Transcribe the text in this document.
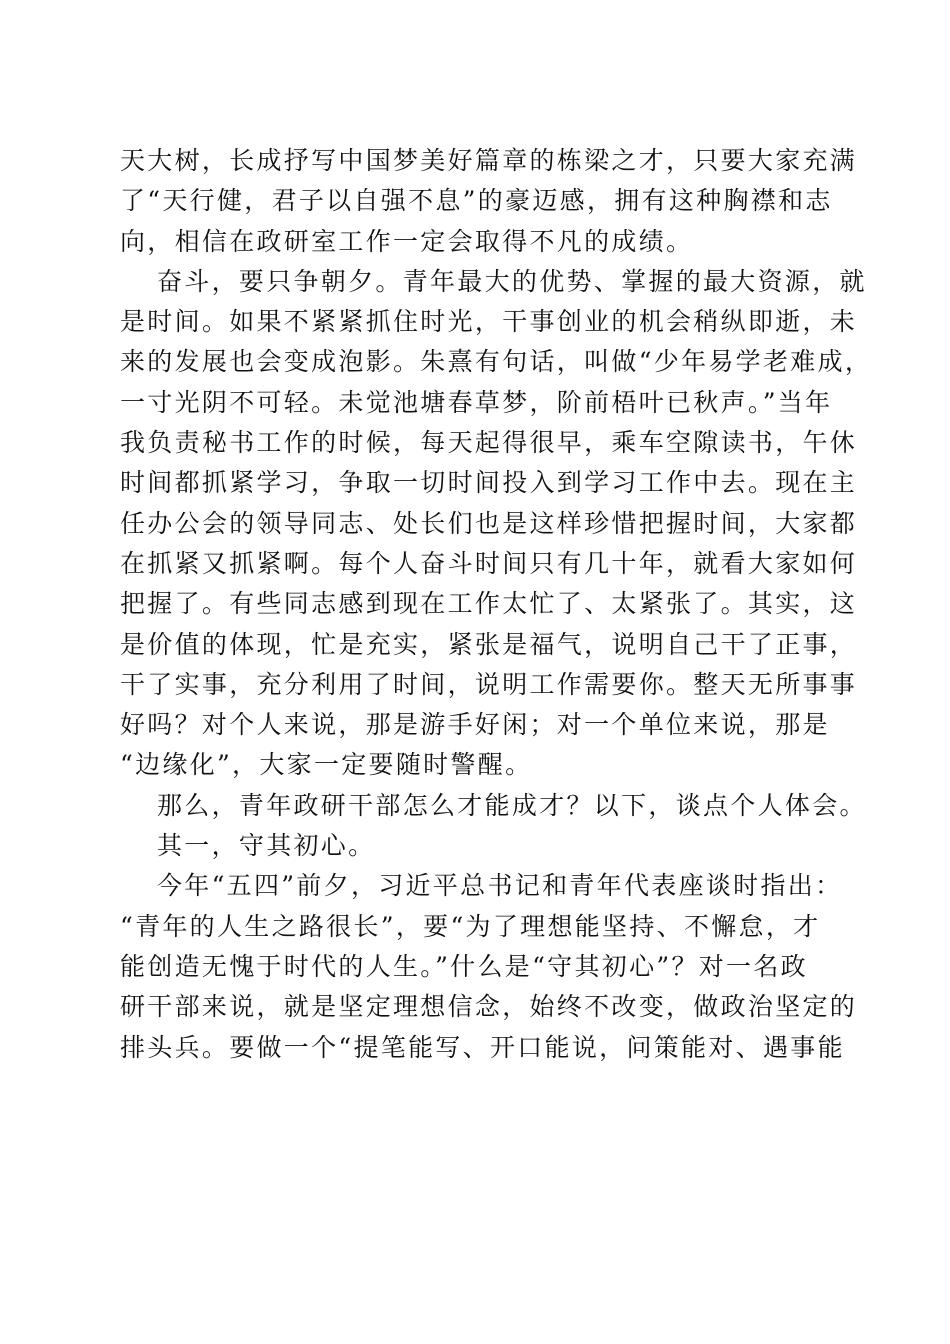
天大树，长成抒写中国梦美好篇章的栋梁之才，只要大家充满
了“天行健，君子以自强不息”的豪迈感，拥有这种胸襟和志
向，相信在政研室工作一定会取得不凡的成绩。
奋斗，要只争朝夕。青年最大的优势、掌握的最大资源，就
是时间。如果不紧紧抓住时光，干事创业的机会稍纵即逝，未
来的发展也会变成泡影。朱熹有句话，叫做“少年易学老难成，
一寸光阴不可轻。未觉池塘春草梦，阶前梧叶已秋声。”当年
我负责秘书工作的时候，每天起得很早，乘车空隙读书，午休
时间都抓紧学习，争取一切时间投入到学习工作中去。现在主
任办公会的领导同志、处长们也是这样珍惜把握时间，大家都
在抓紧又抓紧啊。每个人奋斗时间只有几十年，就看大家如何
把握了。有些同志感到现在工作太忙了、太紧张了。其实，这
是价值的体现，忙是充实，紧张是福气，说明自己干了正事，
干了实事，充分利用了时间，说明工作需要你。整天无所事事
好吗？对个人来说，那是游手好闲；对一个单位来说，那是
“边缘化”，大家一定要随时警醒。
那么，青年政研干部怎么才能成才？以下，谈点个人体会。
其一，守其初心。
今年“五四”前夕，习近平总书记和青年代表座谈时指出：
“青年的人生之路很长”，要“为了理想能坚持、不懈怠，才
能创造无愧于时代的人生。”什么是“守其初心”？对一名政
研干部来说，就是坚定理想信念，始终不改变，做政治坚定的
排头兵。要做一个“提笔能写、开口能说，问策能对、遇事能
